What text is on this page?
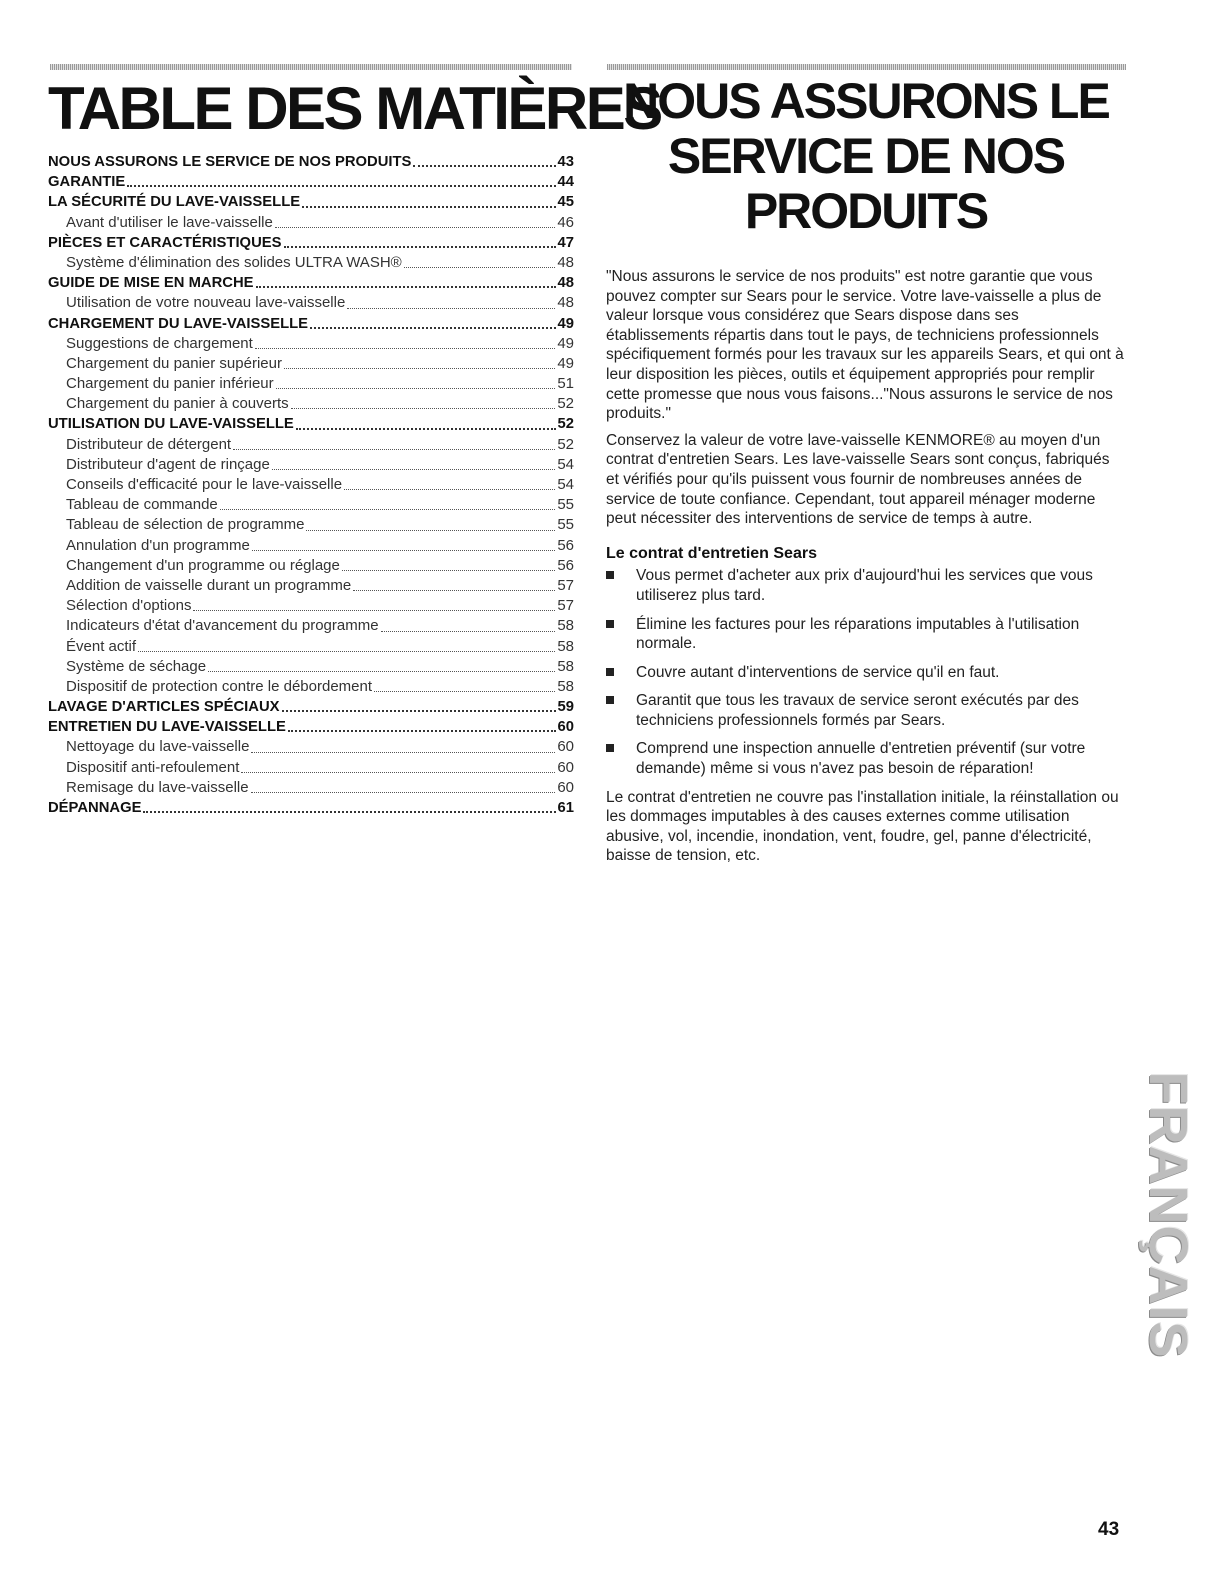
TABLE DES MATIÈRES
NOUS ASSURONS LE SERVICE DE NOS PRODUITS	43
GARANTIE	44
LA SÉCURITÉ DU LAVE-VAISSELLE	45
Avant d'utiliser le lave-vaisselle	46
PIÈCES ET CARACTÉRISTIQUES	47
Système d'élimination des solides ULTRA WASH®	48
GUIDE DE MISE EN MARCHE	48
Utilisation de votre nouveau lave-vaisselle	48
CHARGEMENT DU LAVE-VAISSELLE	49
Suggestions de chargement	49
Chargement du panier supérieur	49
Chargement du panier inférieur	51
Chargement du panier à couverts	52
UTILISATION DU LAVE-VAISSELLE	52
Distributeur de détergent	52
Distributeur d'agent de rinçage	54
Conseils d'efficacité pour le lave-vaisselle	54
Tableau de commande	55
Tableau de sélection de programme	55
Annulation d'un programme	56
Changement d'un programme ou réglage	56
Addition de vaisselle durant un programme	57
Sélection d'options	57
Indicateurs d'état d'avancement du programme	58
Évent actif	58
Système de séchage	58
Dispositif de protection contre le débordement	58
LAVAGE D'ARTICLES SPÉCIAUX	59
ENTRETIEN DU LAVE-VAISSELLE	60
Nettoyage du lave-vaisselle	60
Dispositif anti-refoulement	60
Remisage du lave-vaisselle	60
DÉPANNAGE	61
NOUS ASSURONS LE SERVICE DE NOS PRODUITS

"Nous assurons le service de nos produits" est notre garantie que vous pouvez compter sur Sears pour le service. Votre lave-vaisselle a plus de valeur lorsque vous considérez que Sears dispose dans ses établissements répartis dans tout le pays, de techniciens professionnels spécifiquement formés pour les travaux sur les appareils Sears, et qui ont à leur disposition les pièces, outils et équipement appropriés pour remplir cette promesse que nous vous faisons..."Nous assurons le service de nos produits."

Conservez la valeur de votre lave-vaisselle KENMORE® au moyen d'un contrat d'entretien Sears. Les lave-vaisselle Sears sont conçus, fabriqués et vérifiés pour qu'ils puissent vous fournir de nombreuses années de service de toute confiance. Cependant, tout appareil ménager moderne peut nécessiter des interventions de service de temps à autre.

Le contrat d'entretien Sears
Vous permet d'acheter aux prix d'aujourd'hui les services que vous utiliserez plus tard.
Élimine les factures pour les réparations imputables à l'utilisation normale.
Couvre autant d'interventions de service qu'il en faut.
Garantit que tous les travaux de service seront exécutés par des techniciens professionnels formés par Sears.
Comprend une inspection annuelle d'entretien préventif (sur votre demande) même si vous n'avez pas besoin de réparation!

Le contrat d'entretien ne couvre pas l'installation initiale, la réinstallation ou les dommages imputables à des causes externes comme utilisation abusive, vol, incendie, inondation, vent, foudre, gel, panne d'électricité, baisse de tension, etc.

FRANÇAIS
43
